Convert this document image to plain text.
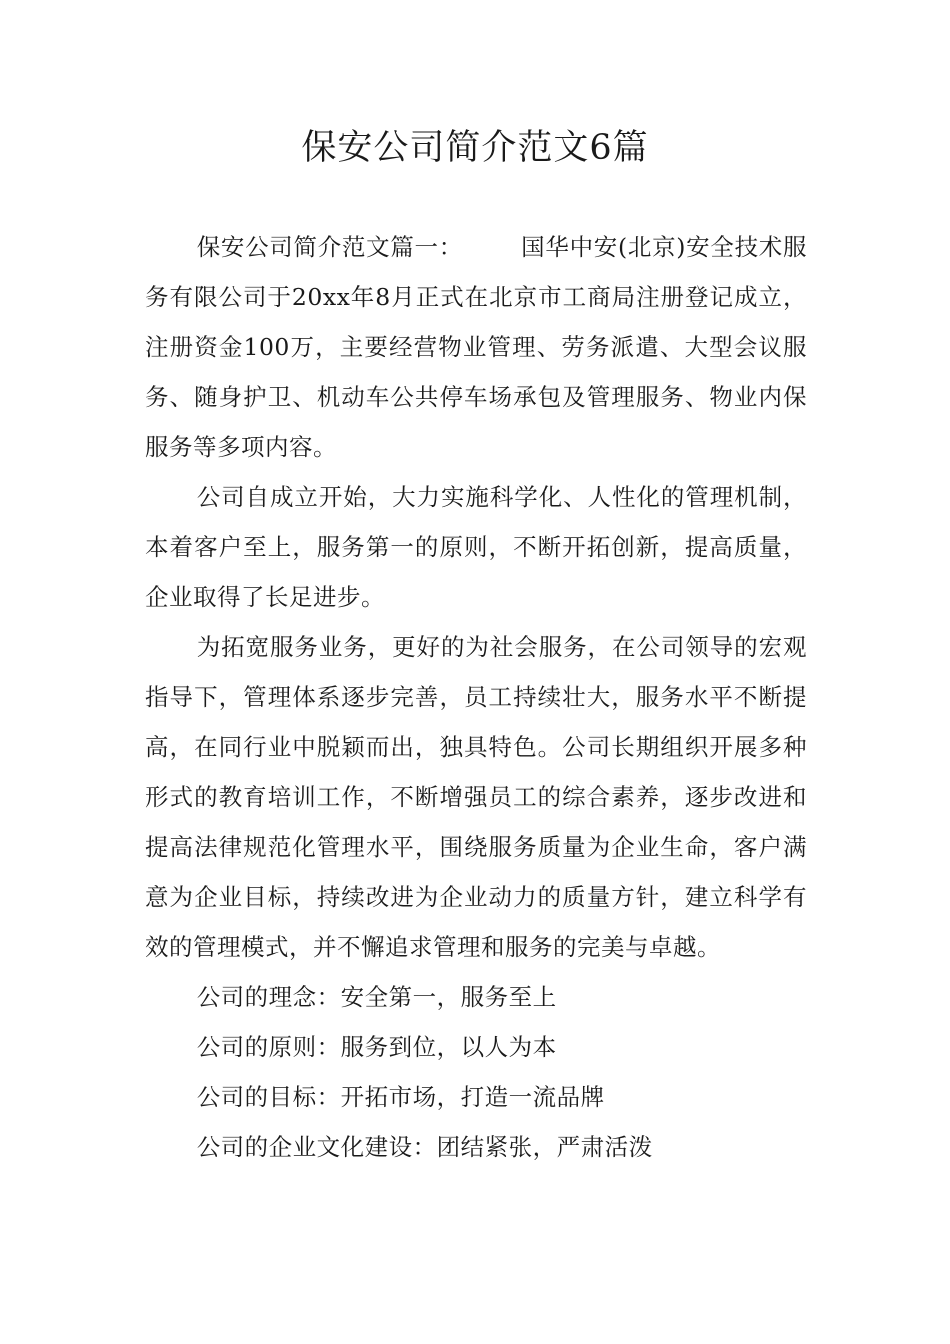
保安公司简介范文6篇

保安公司简介范文篇一： 国华中安(北京)安全技术服务有限公司于20xx年8月正式在北京市工商局注册登记成立，注册资金100万，主要经营物业管理、劳务派遣、大型会议服务、随身护卫、机动车公共停车场承包及管理服务、物业内保服务等多项内容。

公司自成立开始，大力实施科学化、人性化的管理机制，本着客户至上，服务第一的原则，不断开拓创新，提高质量，企业取得了长足进步。

为拓宽服务业务，更好的为社会服务，在公司领导的宏观指导下，管理体系逐步完善，员工持续壮大，服务水平不断提高，在同行业中脱颖而出，独具特色。公司长期组织开展多种形式的教育培训工作，不断增强员工的综合素养，逐步改进和提高法律规范化管理水平，围绕服务质量为企业生命，客户满意为企业目标，持续改进为企业动力的质量方针，建立科学有效的管理模式，并不懈追求管理和服务的完美与卓越。

公司的理念：安全第一，服务至上

公司的原则：服务到位，以人为本

公司的目标：开拓市场，打造一流品牌

公司的企业文化建设：团结紧张，严肃活泼
